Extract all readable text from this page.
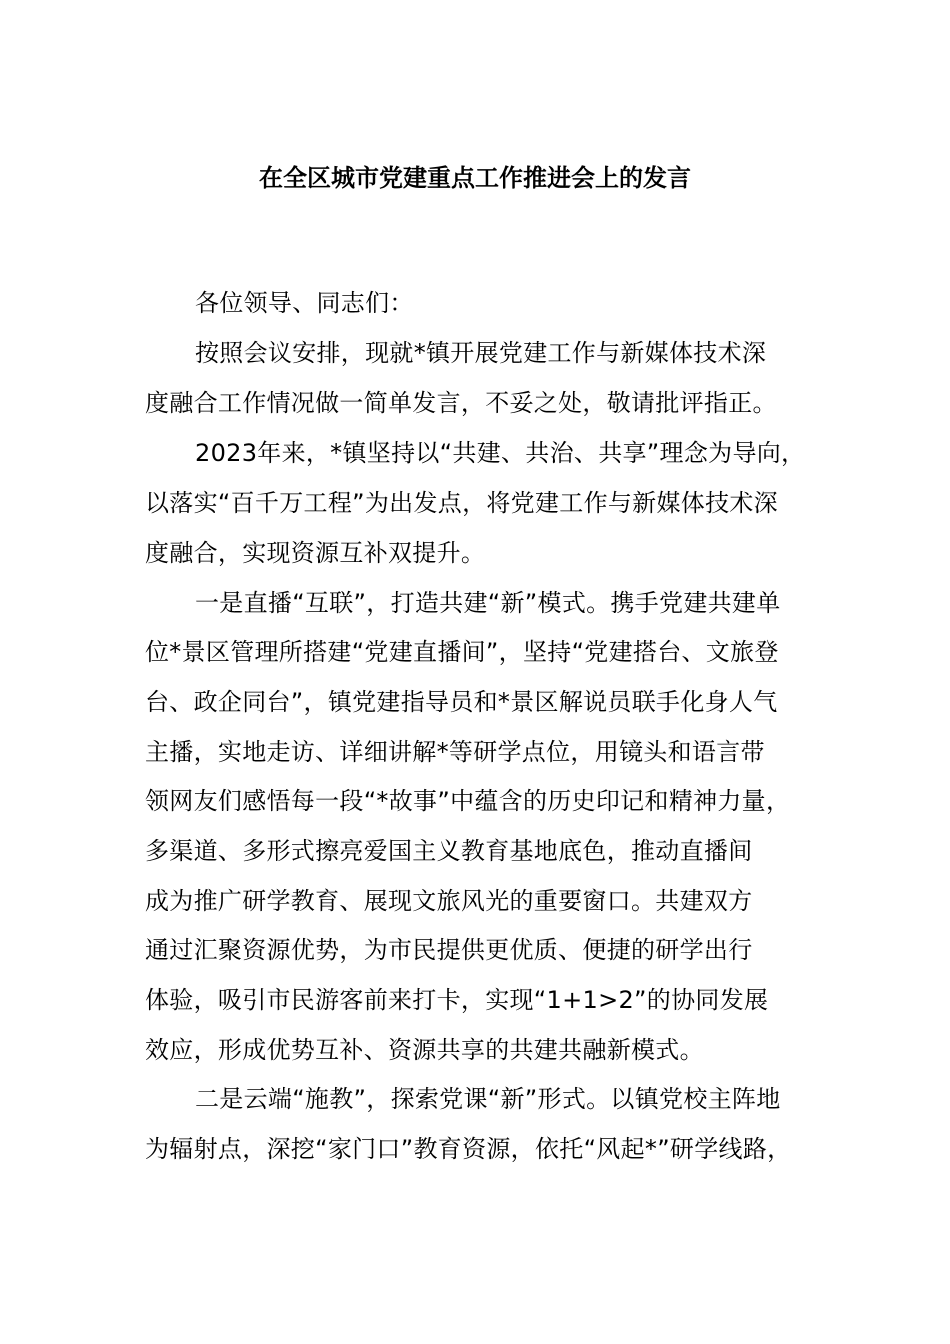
在全区城市党建重点工作推进会上的发言
各位领导、同志们：
按照会议安排，现就*镇开展党建工作与新媒体技术深
度融合工作情况做一简单发言，不妥之处，敬请批评指正。
2023年来，*镇坚持以“共建、共治、共享”理念为导向，
以落实“百千万工程”为出发点，将党建工作与新媒体技术深
度融合，实现资源互补双提升。
一是直播“互联”，打造共建“新”模式。携手党建共建单
位*景区管理所搭建“党建直播间”，坚持“党建搭台、文旅登
台、政企同台”，镇党建指导员和*景区解说员联手化身人气
主播，实地走访、详细讲解*等研学点位，用镜头和语言带
领网友们感悟每一段“*故事”中蕴含的历史印记和精神力量，
多渠道、多形式擦亮爱国主义教育基地底色，推动直播间
成为推广研学教育、展现文旅风光的重要窗口。共建双方
通过汇聚资源优势，为市民提供更优质、便捷的研学出行
体验，吸引市民游客前来打卡，实现“1+1>2”的协同发展
效应，形成优势互补、资源共享的共建共融新模式。
二是云端“施教”，探索党课“新”形式。以镇党校主阵地
为辐射点，深挖“家门口”教育资源，依托“风起*”研学线路，
